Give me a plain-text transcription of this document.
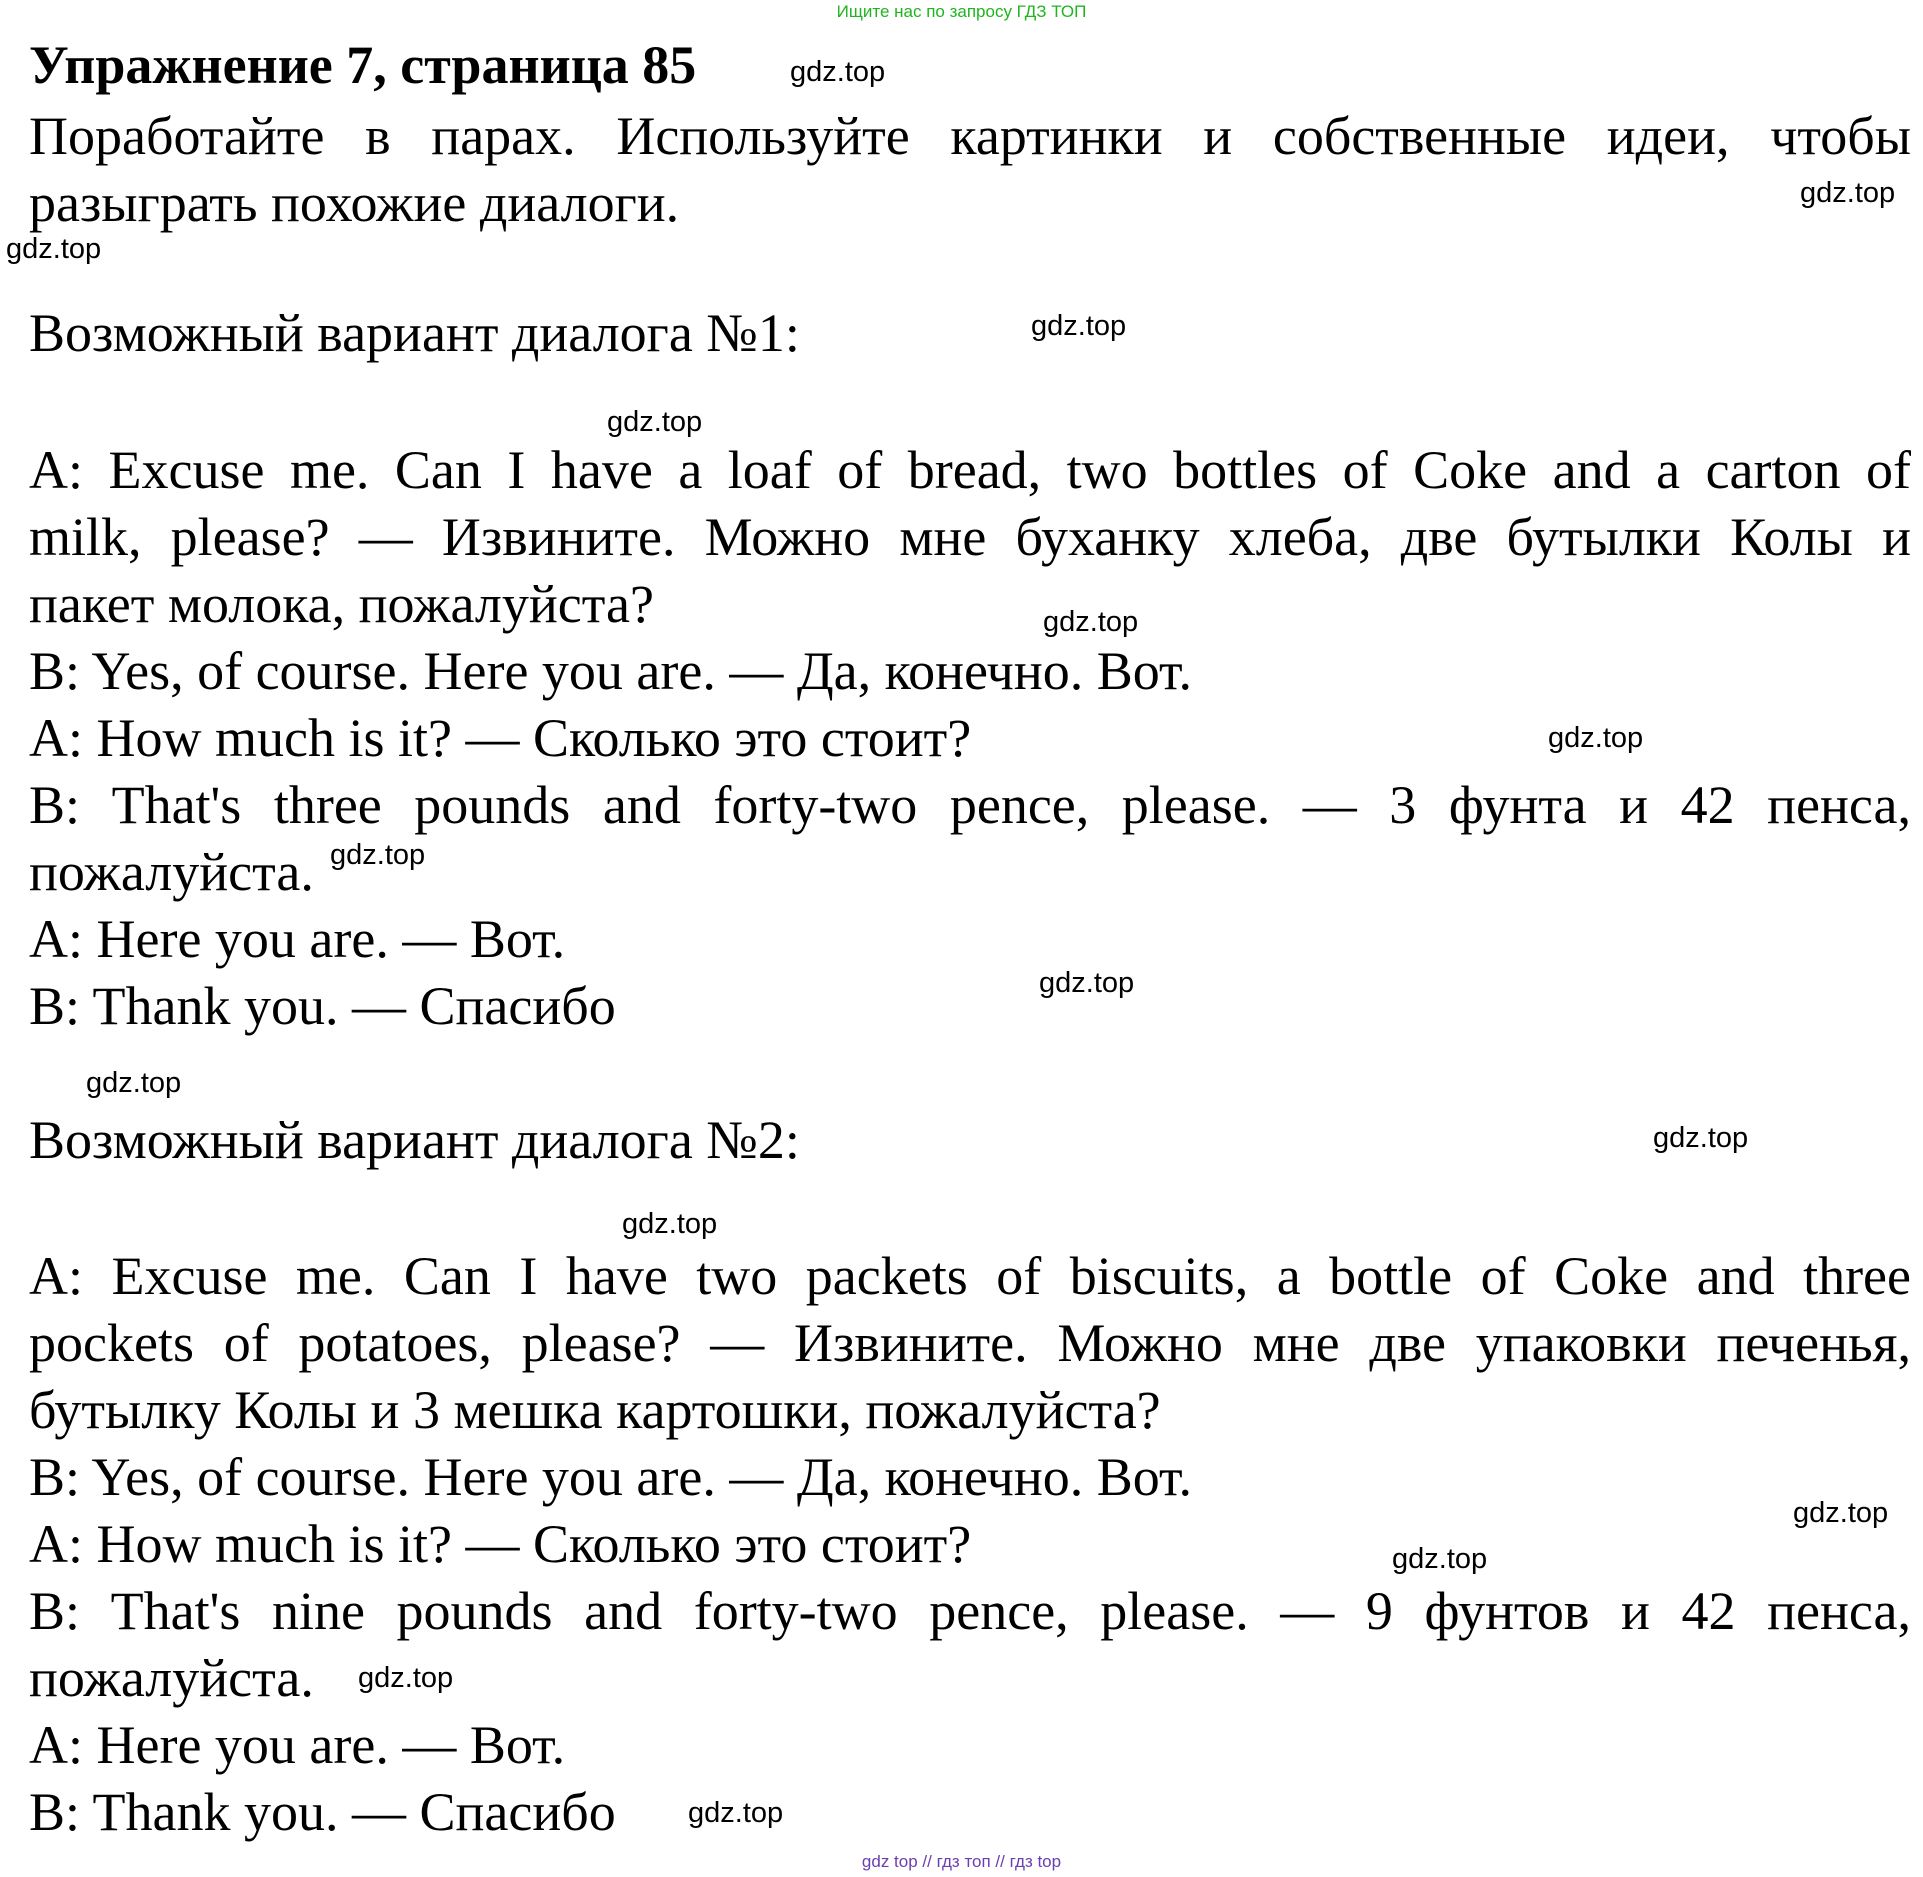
Ищите нас по запросу ГДЗ ТОП
Упражнение 7, страница 85

Поработайте в парах. Используйте картинки и собственные идеи, чтобы

разыграть похожие диалоги.

Возможный вариант диалога №1:

A: Excuse me. Can I have a loaf of bread, two bottles of Coke and a carton of

milk, please? — Извините. Можно мне буханку хлеба, две бутылки Колы и

пакет молока, пожалуйста?

B: Yes, of course. Here you are. — Да, конечно. Вот.

A: How much is it? — Сколько это стоит?

B: That's three pounds and forty-two pence, please. — 3 фунта и 42 пенса,

пожалуйста.

A: Here you are. — Вот.

B: Thank you. — Спасибо

Возможный вариант диалога №2:

A: Excuse me. Can I have two packets of biscuits, a bottle of Coke and three

pockets of potatoes, please? — Извините. Можно мне две упаковки печенья,

бутылку Колы и 3 мешка картошки, пожалуйста?

B: Yes, of course. Here you are. — Да, конечно. Вот.

A: How much is it? — Сколько это стоит?

B: That's nine pounds and forty-two pence, please. — 9 фунтов и 42 пенса,

пожалуйста.

A: Here you are. — Вот.

B: Thank you. — Спасибо

gdz.top
gdz.top
gdz.top
gdz.top
gdz.top
gdz.top
gdz.top
gdz.top
gdz.top
gdz.top
gdz.top
gdz.top
gdz.top
gdz.top
gdz.top
gdz.top
gdz top // гдз топ // гдз top
